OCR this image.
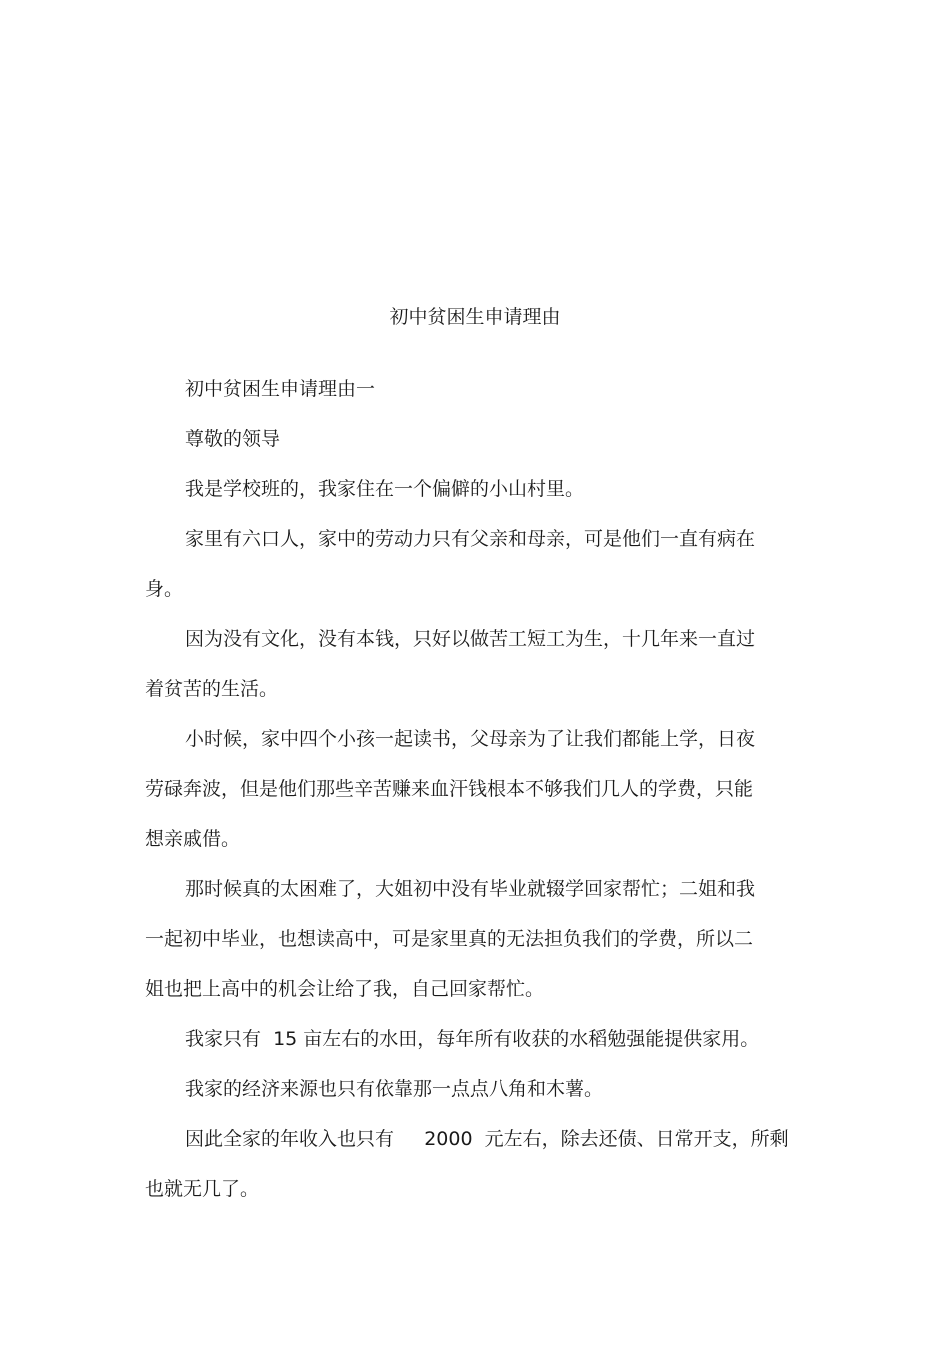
初中贫困生申请理由
初中贫困生申请理由一
尊敬的领导
我是学校班的，我家住在一个偏僻的小山村里。
家里有六口人，家中的劳动力只有父亲和母亲，可是他们一直有病在
身。
因为没有文化，没有本钱，只好以做苦工短工为生，十几年来一直过
着贫苦的生活。
小时候，家中四个小孩一起读书，父母亲为了让我们都能上学，日夜
劳碌奔波，但是他们那些辛苦赚来血汗钱根本不够我们几人的学费，只能
想亲戚借。
那时候真的太困难了，大姐初中没有毕业就辍学回家帮忙；二姐和我
一起初中毕业，也想读高中，可是家里真的无法担负我们的学费，所以二
姐也把上高中的机会让给了我，自己回家帮忙。
我家只有  15 亩左右的水田，每年所有收获的水稻勉强能提供家用。
我家的经济来源也只有依靠那一点点八角和木薯。
因此全家的年收入也只有     2000  元左右，除去还债、日常开支，所剩
也就无几了。
